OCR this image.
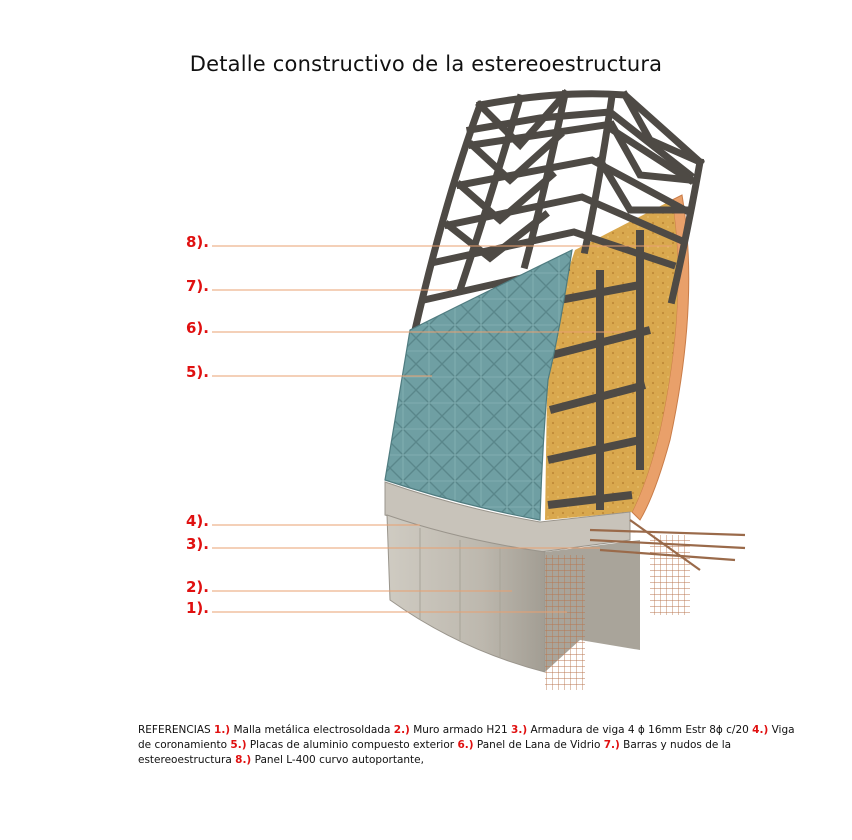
Detalle constructivo de la estereoestructura
8).
7).
6).
5).
4).
3).
2).
1).
REFERENCIAS 1.) Malla metálica electrosoldada 2.) Muro armado H21 3.) Armadura de viga 4 ɸ 16mm Estr 8ɸ c/20 4.) Viga de coronamiento 5.) Placas de aluminio compuesto exterior 6.) Panel de Lana de Vidrio 7.) Barras y nudos de la estereoestructura 8.) Panel L-400 curvo autoportante,
